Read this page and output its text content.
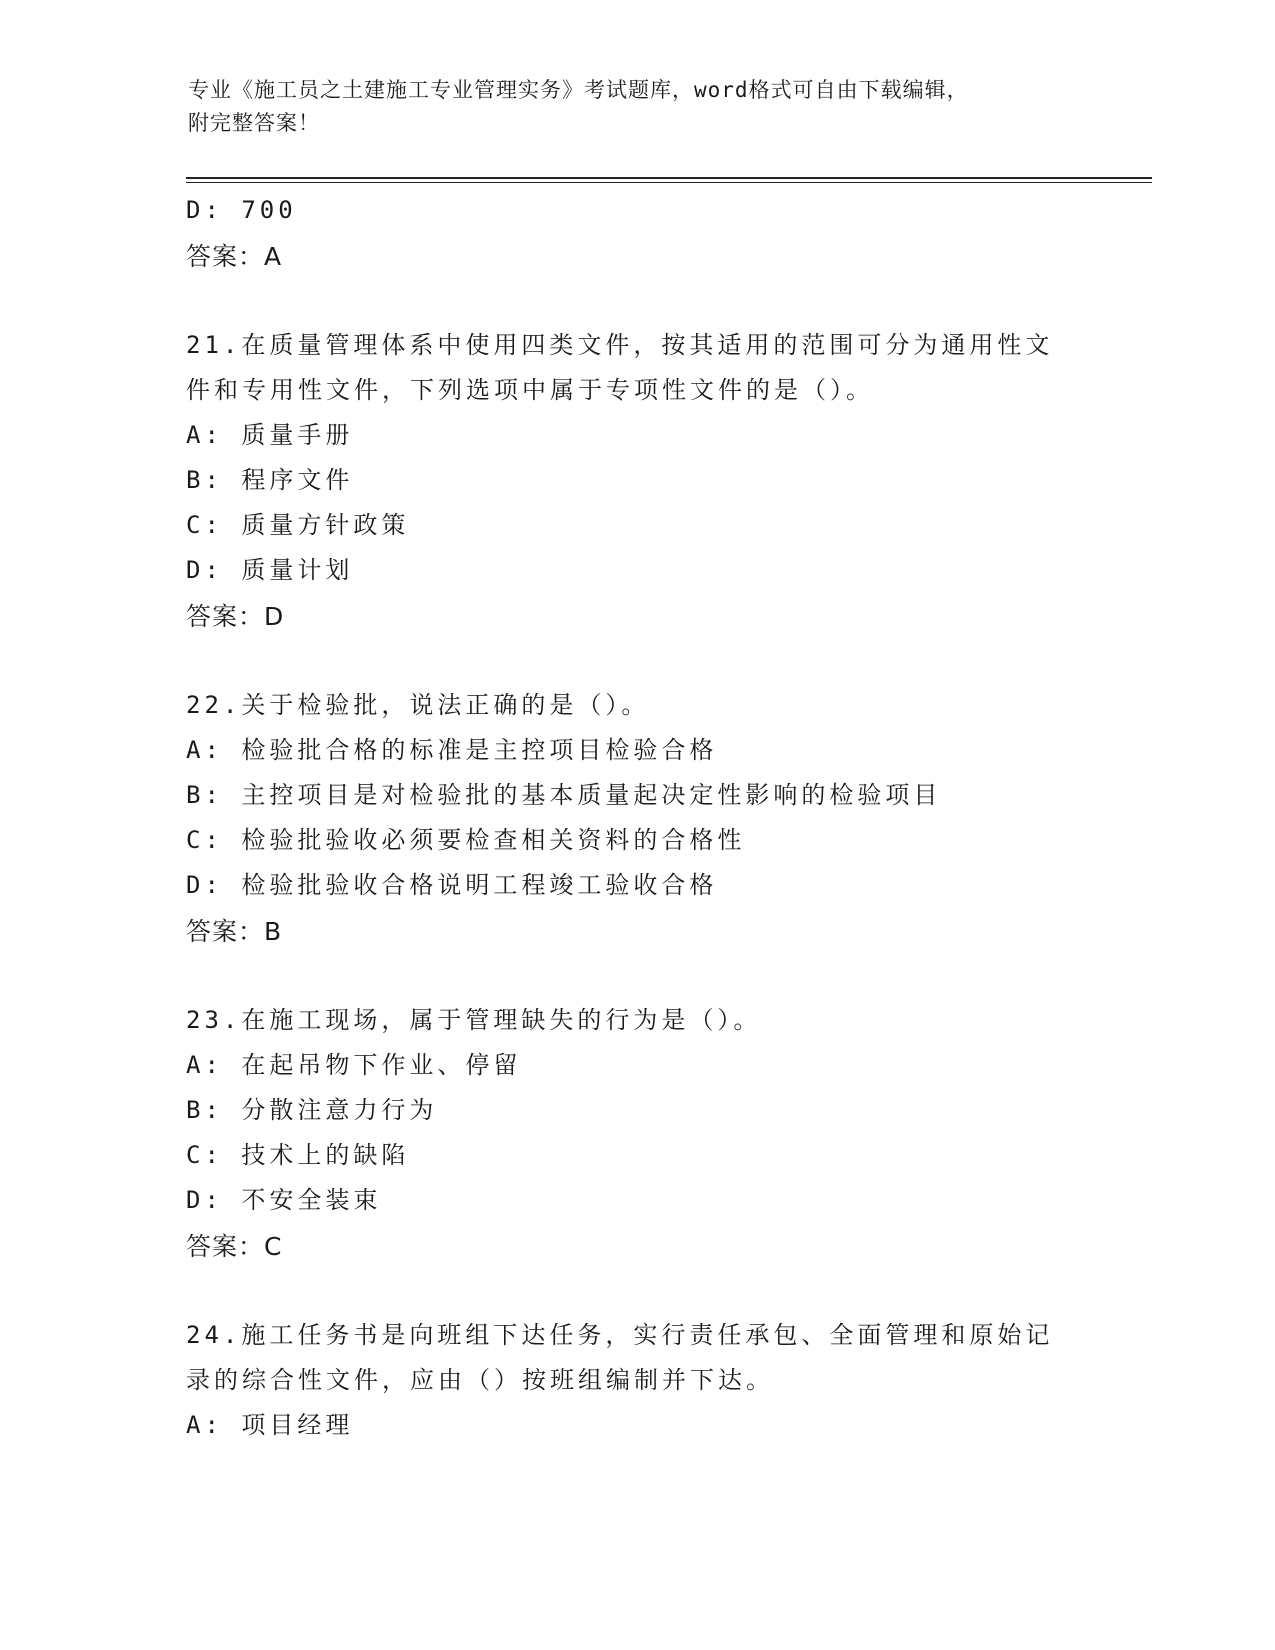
专业《施工员之土建施工专业管理实务》考试题库，word格式可自由下载编辑，
附完整答案！
D: 700
答案：A
21.在质量管理体系中使用四类文件，按其适用的范围可分为通用性文
件和专用性文件，下列选项中属于专项性文件的是（）。
A: 质量手册
B: 程序文件
C: 质量方针政策
D: 质量计划
答案：D
22.关于检验批，说法正确的是（）。
A: 检验批合格的标准是主控项目检验合格
B: 主控项目是对检验批的基本质量起决定性影响的检验项目
C: 检验批验收必须要检查相关资料的合格性
D: 检验批验收合格说明工程竣工验收合格
答案：B
23.在施工现场，属于管理缺失的行为是（）。
A: 在起吊物下作业、停留
B: 分散注意力行为
C: 技术上的缺陷
D: 不安全装束
答案：C
24.施工任务书是向班组下达任务，实行责任承包、全面管理和原始记
录的综合性文件，应由（）按班组编制并下达。
A: 项目经理
